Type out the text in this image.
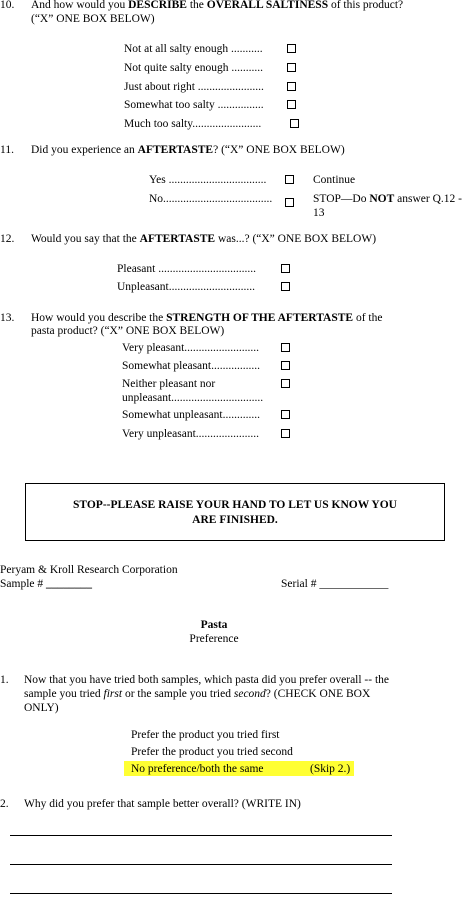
10. And how would you DESCRIBE the OVERALL SALTINESS of this product?
(“X” ONE BOX BELOW)
Not at all salty enough ...........
Not quite salty enough ...........
Just about right .......................
Somewhat too salty ................
Much too salty........................
11. Did you experience an AFTERTASTE? (“X” ONE BOX BELOW)
Yes ..................................	Continue
No......................................	STOP—Do NOT answer Q.12 -
13
12. Would you say that the AFTERTASTE was...? (“X” ONE BOX BELOW)
Pleasant ..................................
Unpleasant..............................
13. How would you describe the STRENGTH OF THE AFTERTASTE of the
pasta product? (“X” ONE BOX BELOW)
Very pleasant..........................
Somewhat pleasant.................
Neither pleasant nor
unpleasant................................
Somewhat unpleasant.............
Very unpleasant......................
STOP--PLEASE RAISE YOUR HAND TO LET US KNOW YOU
ARE FINISHED.
Peryam & Kroll Research Corporation
Sample # ________	Serial # ____________
Pasta
Preference
1. Now that you have tried both samples, which pasta did you prefer overall -- the
sample you tried first or the sample you tried second? (CHECK ONE BOX
ONLY)
Prefer the product you tried first
Prefer the product you tried second
No preference/both the same	(Skip 2.)
2. Why did you prefer that sample better overall? (WRITE IN)
